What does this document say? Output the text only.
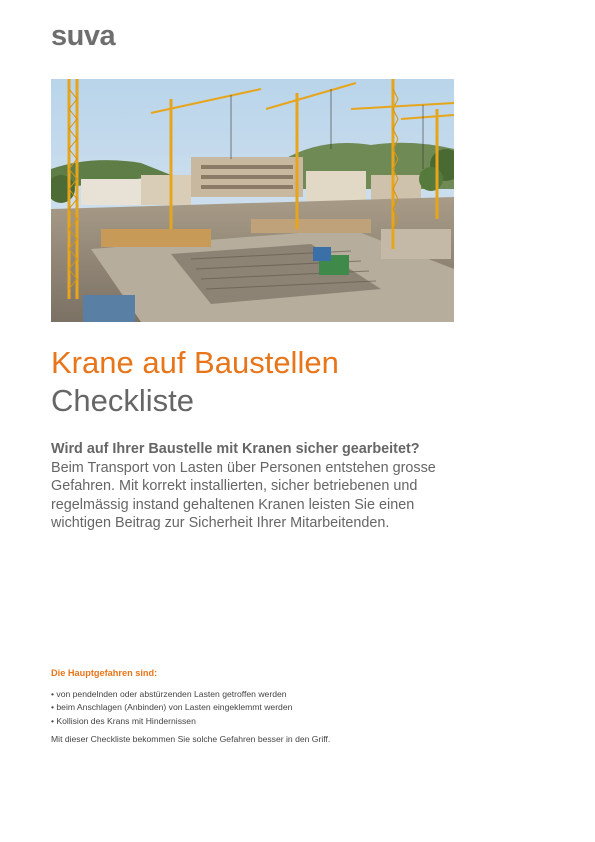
suva
Krane auf Baustellen
Checkliste

Wird auf Ihrer Baustelle mit Kranen sicher gearbeitet?
Beim Transport von Lasten über Personen entstehen grosse Gefahren. Mit korrekt installierten, sicher betriebenen und regelmässig instand gehaltenen Kranen leisten Sie einen wichtigen Beitrag zur Sicherheit Ihrer Mitarbeitenden.

Die Hauptgefahren sind:

• von pendelnden oder abstürzenden Lasten getroffen werden
• beim Anschlagen (Anbinden) von Lasten eingeklemmt werden
• Kollision des Krans mit Hindernissen

Mit dieser Checkliste bekommen Sie solche Gefahren besser in den Griff.
